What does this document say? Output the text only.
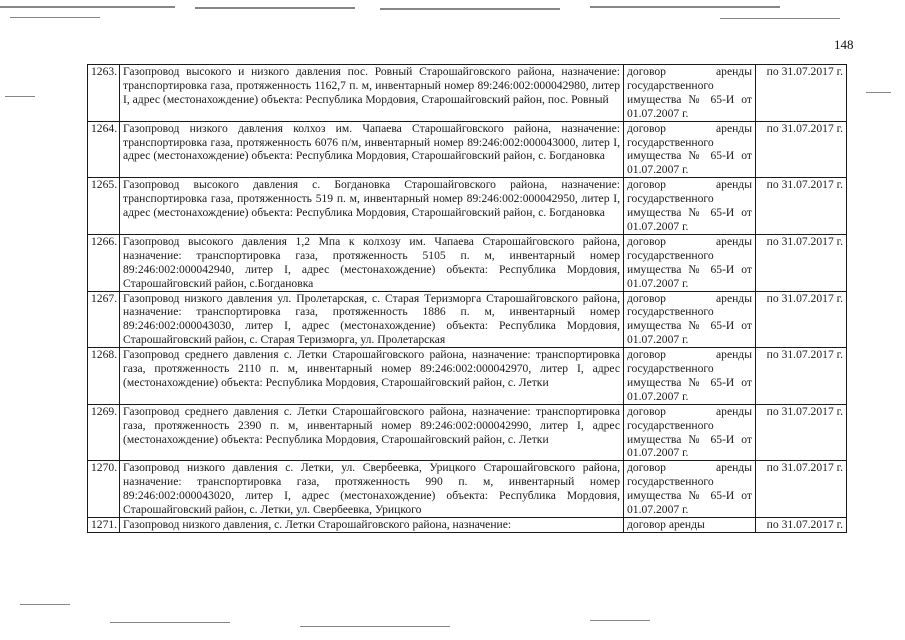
148
1263.	Газопровод высокого и низкого давления пос. Ровный Старошайговского района, назначение: транспортировка газа, протяженность 1162,7 п. м, инвентарный номер 89:246:002:000042980, литер I, адрес (местонахождение) объекта: Республика Мордовия, Старошайговский район, пос. Ровный	договор аренды государственного имущества № 65-И от 01.07.2007 г.	по 31.07.2017 г.
1264.	Газопровод низкого давления колхоз им. Чапаева Старошайговского района, назначение: транспортировка газа, протяженность 6076 п/м, инвентарный номер 89:246:002:000043000, литер I, адрес (местонахождение) объекта: Республика Мордовия, Старошайговский район, с. Богдановка	договор аренды государственного имущества № 65-И от 01.07.2007 г.	по 31.07.2017 г.
1265.	Газопровод высокого давления с. Богдановка Старошайговского района, назначение: транспортировка газа, протяженность 519 п. м, инвентарный номер 89:246:002:000042950, литер I, адрес (местонахождение) объекта: Республика Мордовия, Старошайговский район, с. Богдановка	договор аренды государственного имущества № 65-И от 01.07.2007 г.	по 31.07.2017 г.
1266.	Газопровод высокого давления 1,2 Мпа к колхозу им. Чапаева Старошайговского района, назначение: транспортировка газа, протяженность 5105 п. м, инвентарный номер 89:246:002:000042940, литер I, адрес (местонахождение) объекта: Республика Мордовия, Старошайговский район, с.Богдановка	договор аренды государственного имущества № 65-И от 01.07.2007 г.	по 31.07.2017 г.
1267.	Газопровод низкого давления ул. Пролетарская, с. Старая Теризморга Старошайговского района, назначение: транспортировка газа, протяженность 1886 п. м, инвентарный номер 89:246:002:000043030, литер I, адрес (местонахождение) объекта: Республика Мордовия, Старошайговский район, с. Старая Теризморга, ул. Пролетарская	договор аренды государственного имущества № 65-И от 01.07.2007 г.	по 31.07.2017 г.
1268.	Газопровод среднего давления с. Летки Старошайговского района, назначение: транспортировка газа, протяженность 2110 п. м, инвентарный номер 89:246:002:000042970, литер I, адрес (местонахождение) объекта: Республика Мордовия, Старошайговский район, с. Летки	договор аренды государственного имущества № 65-И от 01.07.2007 г.	по 31.07.2017 г.
1269.	Газопровод среднего давления с. Летки Старошайговского района, назначение: транспортировка газа, протяженность 2390 п. м, инвентарный номер 89:246:002:000042990, литер I, адрес (местонахождение) объекта: Республика Мордовия, Старошайговский район, с. Летки	договор аренды государственного имущества № 65-И от 01.07.2007 г.	по 31.07.2017 г.
1270.	Газопровод низкого давления с. Летки, ул. Свербеевка, Урицкого Старошайговского района, назначение: транспортировка газа, протяженность 990 п. м, инвентарный номер 89:246:002:000043020, литер I, адрес (местонахождение) объекта: Республика Мордовия, Старошайговский район, с. Летки, ул. Свербеевка, Урицкого	договор аренды государственного имущества № 65-И от 01.07.2007 г.	по 31.07.2017 г.
1271.	Газопровод низкого давления, с. Летки Старошайговского района, назначение:	договор аренды	по 31.07.2017 г.
